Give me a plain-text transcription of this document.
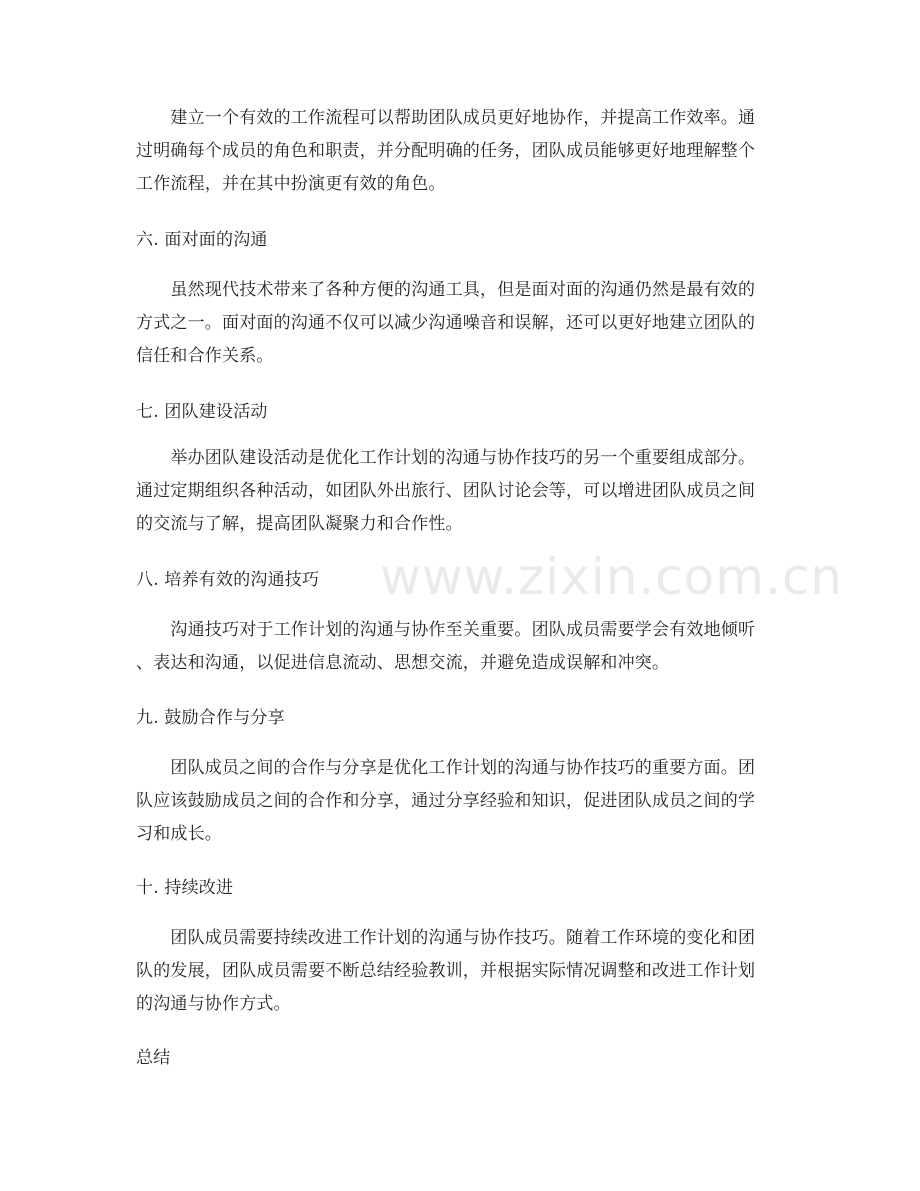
　　建立一个有效的工作流程可以帮助团队成员更好地协作，并提高工作效率。通
过明确每个成员的角色和职责，并分配明确的任务，团队成员能够更好地理解整个
工作流程，并在其中扮演更有效的角色。
六. 面对面的沟通
　　虽然现代技术带来了各种方便的沟通工具，但是面对面的沟通仍然是最有效的
方式之一。面对面的沟通不仅可以减少沟通噪音和误解，还可以更好地建立团队的
信任和合作关系。
七. 团队建设活动
　　举办团队建设活动是优化工作计划的沟通与协作技巧的另一个重要组成部分。
通过定期组织各种活动，如团队外出旅行、团队讨论会等，可以增进团队成员之间
的交流与了解，提高团队凝聚力和合作性。
八. 培养有效的沟通技巧
　　沟通技巧对于工作计划的沟通与协作至关重要。团队成员需要学会有效地倾听
、表达和沟通，以促进信息流动、思想交流，并避免造成误解和冲突。
九. 鼓励合作与分享
　　团队成员之间的合作与分享是优化工作计划的沟通与协作技巧的重要方面。团
队应该鼓励成员之间的合作和分享，通过分享经验和知识，促进团队成员之间的学
习和成长。
十. 持续改进
　　团队成员需要持续改进工作计划的沟通与协作技巧。随着工作环境的变化和团
队的发展，团队成员需要不断总结经验教训，并根据实际情况调整和改进工作计划
的沟通与协作方式。
总结
www.zixin.com.cn
